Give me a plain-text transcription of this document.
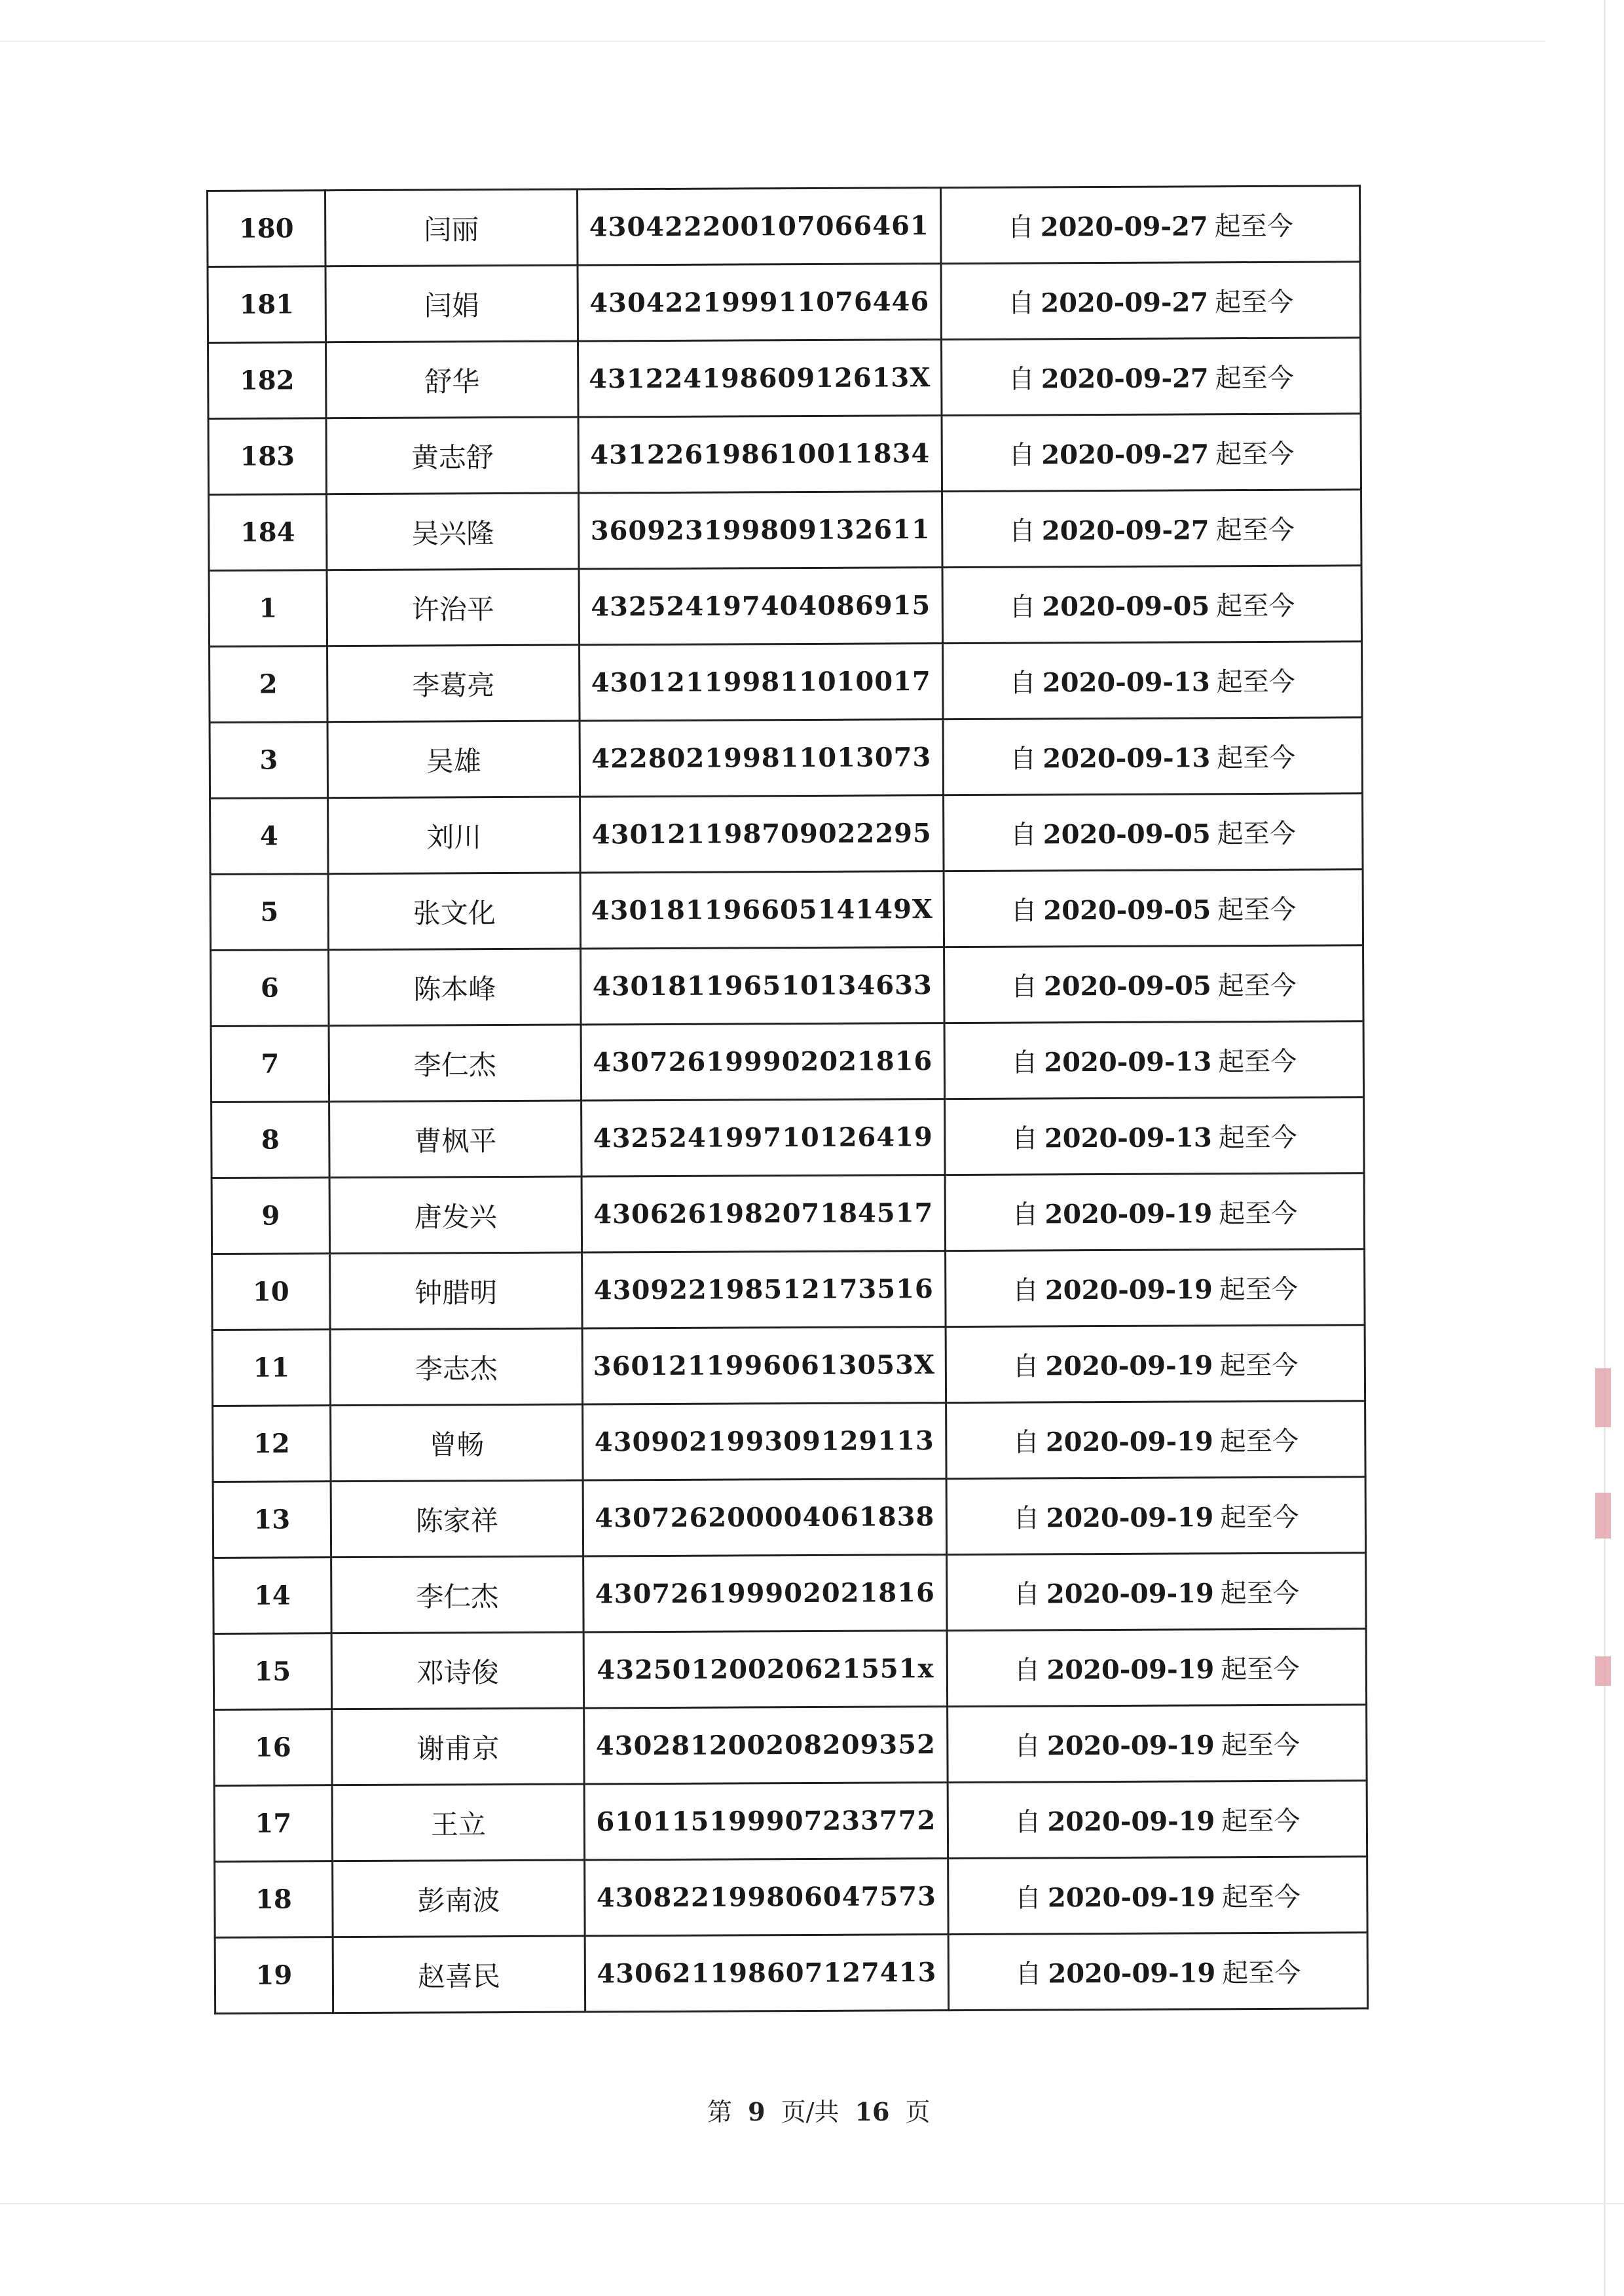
180	闫丽	430422200107066461	自 2020-09-27 起至今
181	闫娟	430422199911076446	自 2020-09-27 起至今
182	舒华	43122419860912613X	自 2020-09-27 起至今
183	黄志舒	431226198610011834	自 2020-09-27 起至今
184	吴兴隆	360923199809132611	自 2020-09-27 起至今
1	许治平	432524197404086915	自 2020-09-05 起至今
2	李葛亮	430121199811010017	自 2020-09-13 起至今
3	吴雄	422802199811013073	自 2020-09-13 起至今
4	刘川	430121198709022295	自 2020-09-05 起至今
5	张文化	43018119660514149X	自 2020-09-05 起至今
6	陈本峰	430181196510134633	自 2020-09-05 起至今
7	李仁杰	430726199902021816	自 2020-09-13 起至今
8	曹枫平	432524199710126419	自 2020-09-13 起至今
9	唐发兴	430626198207184517	自 2020-09-19 起至今
10	钟腊明	430922198512173516	自 2020-09-19 起至今
11	李志杰	36012119960613053X	自 2020-09-19 起至今
12	曾畅	430902199309129113	自 2020-09-19 起至今
13	陈家祥	430726200004061838	自 2020-09-19 起至今
14	李仁杰	430726199902021816	自 2020-09-19 起至今
15	邓诗俊	43250120020621551x	自 2020-09-19 起至今
16	谢甫京	430281200208209352	自 2020-09-19 起至今
17	王立	610115199907233772	自 2020-09-19 起至今
18	彭南波	430822199806047573	自 2020-09-19 起至今
19	赵喜民	430621198607127413	自 2020-09-19 起至今
第 9 页/共 16 页
